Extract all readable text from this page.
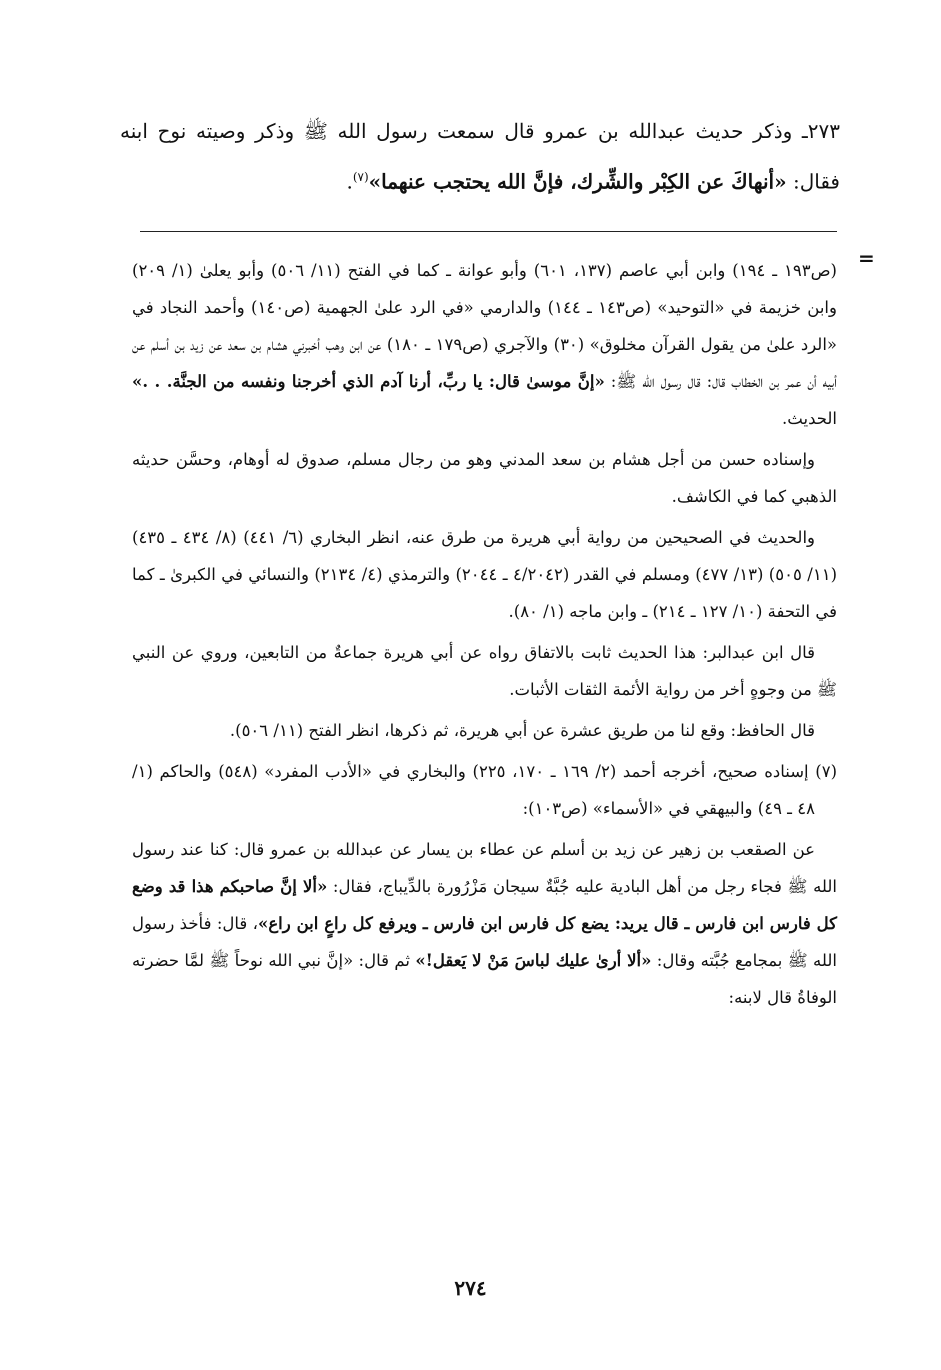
٢٧٣ـ وذكر حديث عبدالله بن عمرو قال سمعت رسول الله ﷺ وذكر وصيته نوح ابنه فقال: «أنهاكَ عن الكِبْر والشِّرك، فإنَّ الله يحتجب عنهما»$^{(٧)}$.
=

(ص١٩٣ ـ ١٩٤) وابن أبي عاصم (١٣٧، ٦٠١) وأبو عوانة ـ كما في الفتح (١١/ ٥٠٦) وأبو يعلىٰ (١/ ٢٠٩) وابن خزيمة في «التوحيد» (ص١٤٣ ـ ١٤٤) والدارمي «في الرد علىٰ الجهمية (ص١٤٠) وأحمد النجاد في «الرد علىٰ من يقول القرآن مخلوق» (٣٠) والآجري (ص١٧٩ ـ ١٨٠) عن ابن وهب أخبرني هشام بن سعد عن زيد بن أسلم عن أبيه أن عمر بن الخطاب قال: قال رسول الله ﷺ: «إنَّ موسىٰ قال: يا ربِّ، أرنا آدم الذي أخرجنا ونفسه من الجنَّة. . .» الحديث.

وإسناده حسن من أجل هشام بن سعد المدني وهو من رجال مسلم، صدوق له أوهام، وحسَّن حديثه الذهبي كما في الكاشف.

والحديث في الصحيحين من رواية أبي هريرة من طرق عنه، انظر البخاري (٦/ ٤٤١) (٨/ ٤٣٤ ـ ٤٣٥) (١١/ ٥٠٥) (١٣/ ٤٧٧) ومسلم في القدر (٤/٢٠٤٢ ـ ٢٠٤٤) والترمذي (٤/ ٢١٣٤) والنسائي في الكبرىٰ ـ كما في التحفة (١٠/ ١٢٧ ـ ٢١٤) ـ وابن ماجه (١/ ٨٠).

قال ابن عبدالبر: هذا الحديث ثابت بالاتفاق رواه عن أبي هريرة جماعةٌ من التابعين، وروي عن النبي ﷺ من وجوهٍ أخر من رواية الأئمة الثقات الأثبات.

قال الحافظ: وقع لنا من طريق عشرة عن أبي هريرة، ثم ذكرها، انظر الفتح (١١/ ٥٠٦).

(٧) إسناده صحيح، أخرجه أحمد (٢/ ١٦٩ ـ ١٧٠، ٢٢٥) والبخاري في «الأدب المفرد» (٥٤٨) والحاكم (١/ ٤٨ ـ ٤٩) والبيهقي في «الأسماء» (ص١٠٣):

عن الصقعب بن زهير عن زيد بن أسلم عن عطاء بن يسار عن عبدالله بن عمرو قال: كنا عند رسول الله ﷺ فجاء رجل من أهل البادية عليه جُبَّةٌ سيجان مَزْرُورة بالدِّيباج، فقال: «ألا إنَّ صاحبكم هذا قد وضع كل فارس ابن فارس ـ قال يريد: يضع كل فارس ابن فارس ـ ويرفع كل راعٍ ابن راع»، قال: فأخذ رسول الله ﷺ بمجامع جُبَّته وقال: «ألا أرىٰ عليك لباسَ مَنْ لا يَعقل!» ثم قال: «إنَّ نبي الله نوحاً ﷺ لمَّا حضرته الوفاةُ قال لابنه:

٢٧٤
